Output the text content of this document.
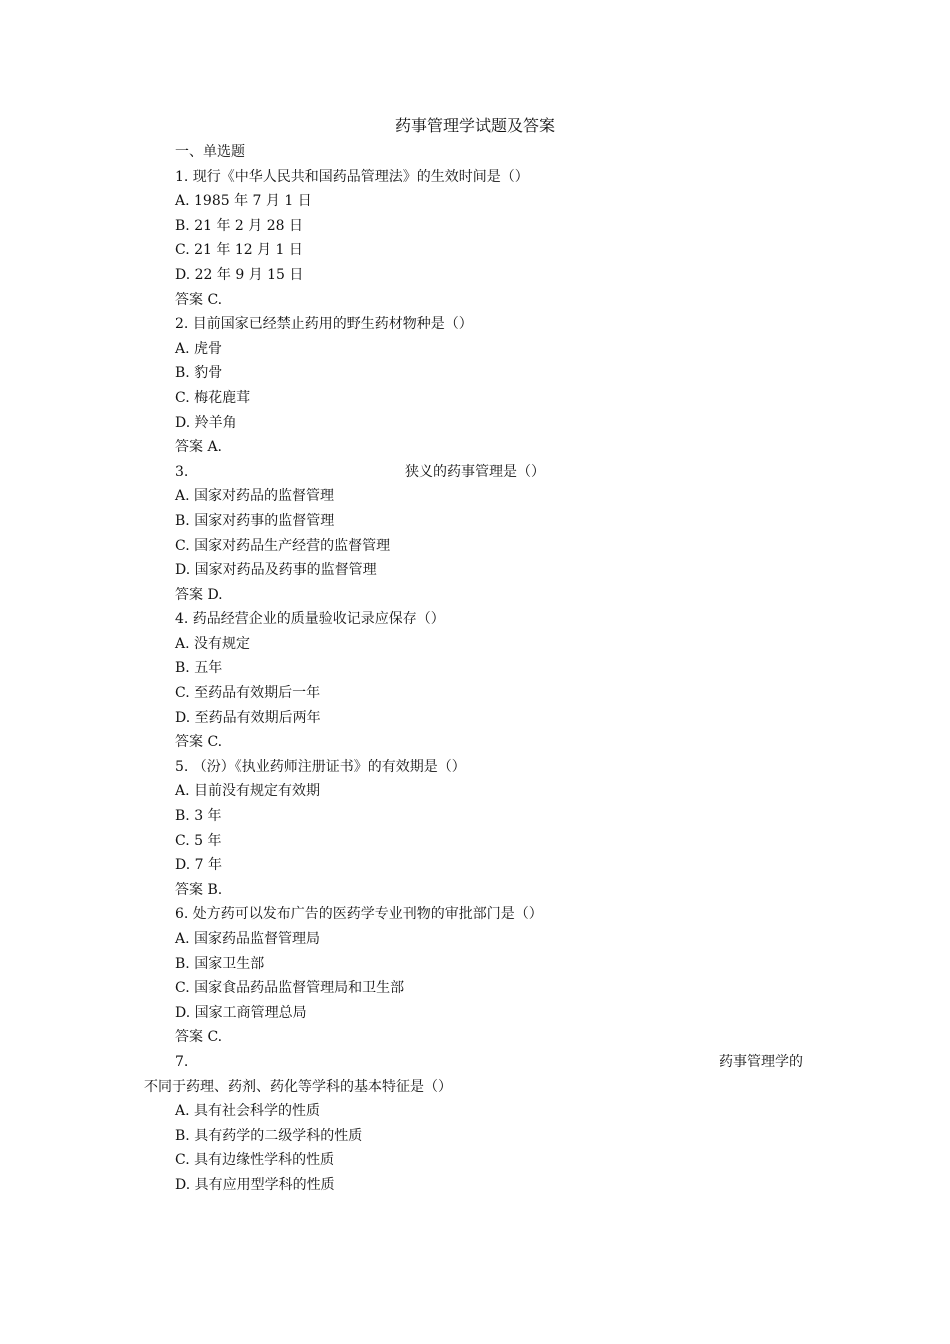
药事管理学试题及答案
一、单选题
1. 现行《中华人民共和国药品管理法》的生效时间是（）
A. 1985 年 7 月 1 日
B. 21 年 2 月 28 日
C. 21 年 12 月 1 日
D. 22 年 9 月 15 日
答案 C.
2. 目前国家已经禁止药用的野生药材物种是（）
A. 虎骨
B. 豹骨
C. 梅花鹿茸
D. 羚羊角
答案 A.
3.	狭义的药事管理是（）
A. 国家对药品的监督管理
B. 国家对药事的监督管理
C. 国家对药品生产经营的监督管理
D. 国家对药品及药事的监督管理
答案 D.
4. 药品经营企业的质量验收记录应保存（）
A. 没有规定
B. 五年
C. 至药品有效期后一年
D. 至药品有效期后两年
答案 C.
5. （汾）《执业药师注册证书》的有效期是（）
A. 目前没有规定有效期
B. 3 年
C. 5 年
D. 7 年
答案 B.
6. 处方药可以发布广告的医药学专业刊物的审批部门是（）
A. 国家药品监督管理局
B. 国家卫生部
C. 国家食品药品监督管理局和卫生部
D. 国家工商管理总局
答案 C.
7.	药事管理学的
不同于药理、药剂、药化等学科的基本特征是（）
A. 具有社会科学的性质
B. 具有药学的二级学科的性质
C. 具有边缘性学科的性质
D. 具有应用型学科的性质
